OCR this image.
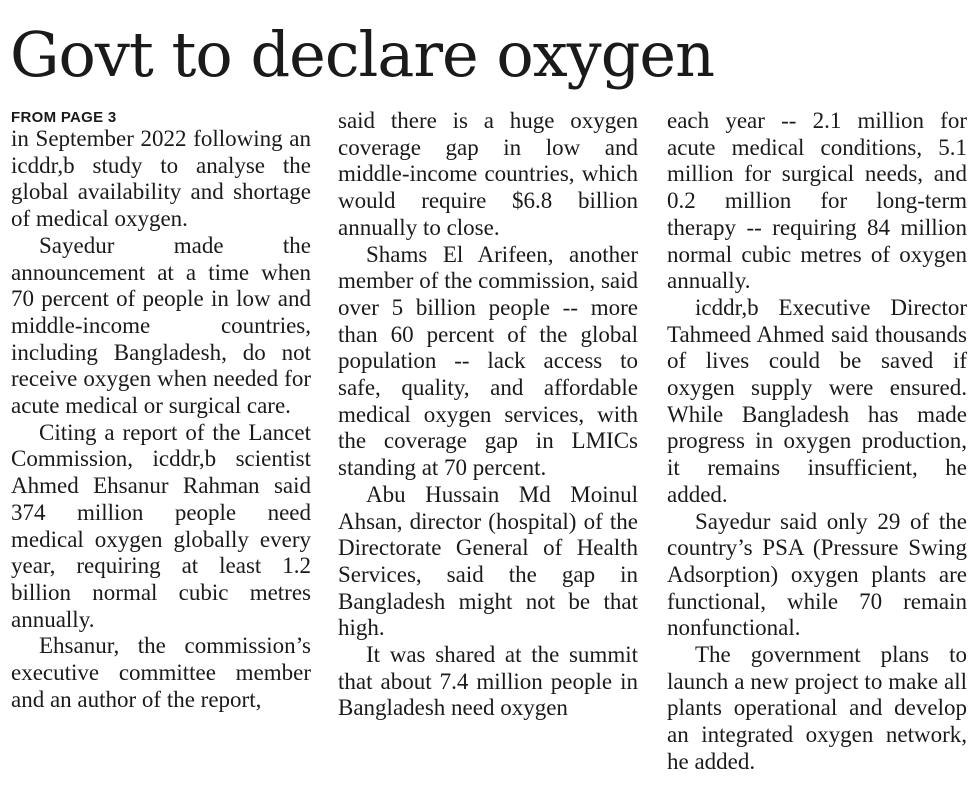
Govt to declare oxygen
FROM PAGE 3

in September 2022 following an icddr,b study to analyse the global availability and shortage of medical oxygen.

Sayedur made the announcement at a time when 70 percent of people in low and middle-income countries, including Bangladesh, do not receive oxygen when needed for acute medical or surgical care.

Citing a report of the Lancet Commission, icddr,b scientist Ahmed Ehsanur Rahman said 374 million people need medical oxygen globally every year, requiring at least 1.2 billion normal cubic metres annually.

Ehsanur, the commission’s executive committee member and an author of the report,

said there is a huge oxygen coverage gap in low and middle-income countries, which would require $6.8 billion annually to close.

Shams El Arifeen, another member of the commission, said over 5 billion people -- more than 60 percent of the global population -- lack access to safe, quality, and affordable medical oxygen services, with the coverage gap in LMICs standing at 70 percent.

Abu Hussain Md Moinul Ahsan, director (hospital) of the Directorate General of Health Services, said the gap in Bangladesh might not be that high.

It was shared at the summit that about 7.4 million people in Bangladesh need oxygen

each year -- 2.1 million for acute medical conditions, 5.1 million for surgical needs, and 0.2 million for long-term therapy -- requiring 84 million normal cubic metres of oxygen annually.

icddr,b Executive Director Tahmeed Ahmed said thousands of lives could be saved if oxygen supply were ensured. While Bangladesh has made progress in oxygen production, it remains insufficient, he added.

Sayedur said only 29 of the country’s PSA (Pressure Swing Adsorption) oxygen plants are functional, while 70 remain nonfunctional.

The government plans to launch a new project to make all plants operational and develop an integrated oxygen network, he added.
